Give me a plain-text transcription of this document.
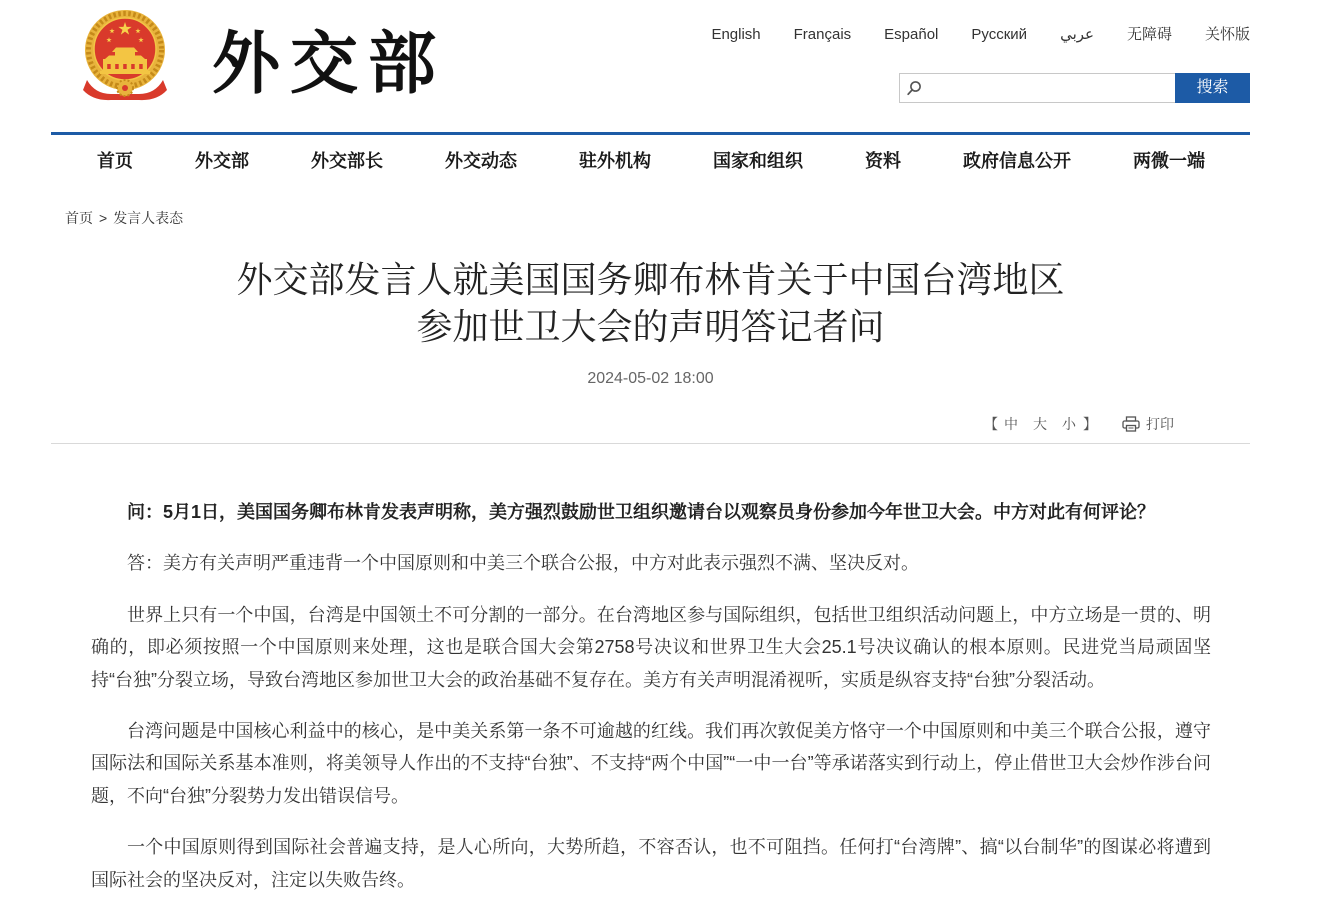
外交部	English Français Español Русский عربي 无障碍 关怀版
搜索
首页	外交部	外交部长	外交动态	驻外机构	国家和组织	资料	政府信息公开	两微一端
首页 > 发言人表态
外交部发言人就美国国务卿布林肯关于中国台湾地区
参加世卫大会的声明答记者问
2024-05-02 18:00
【 中 大 小 】	打印

问：5月1日，美国国务卿布林肯发表声明称，美方强烈鼓励世卫组织邀请台以观察员身份参加今年世卫大会。中方对此有何评论？

答：美方有关声明严重违背一个中国原则和中美三个联合公报，中方对此表示强烈不满、坚决反对。

世界上只有一个中国，台湾是中国领土不可分割的一部分。在台湾地区参与国际组织，包括世卫组织活动问题上，中方立场是一贯的、明确的，即必须按照一个中国原则来处理，这也是联合国大会第2758号决议和世界卫生大会25.1号决议确认的根本原则。民进党当局顽固坚持“台独”分裂立场，导致台湾地区参加世卫大会的政治基础不复存在。美方有关声明混淆视听，实质是纵容支持“台独”分裂活动。

台湾问题是中国核心利益中的核心，是中美关系第一条不可逾越的红线。我们再次敦促美方恪守一个中国原则和中美三个联合公报，遵守国际法和国际关系基本准则，将美领导人作出的不支持“台独”、不支持“两个中国”“一中一台”等承诺落实到行动上，停止借世卫大会炒作涉台问题，不向“台独”分裂势力发出错误信号。

一个中国原则得到国际社会普遍支持，是人心所向，大势所趋，不容否认，也不可阻挡。任何打“台湾牌”、搞“以台制华”的图谋必将遭到国际社会的坚决反对，注定以失败告终。
